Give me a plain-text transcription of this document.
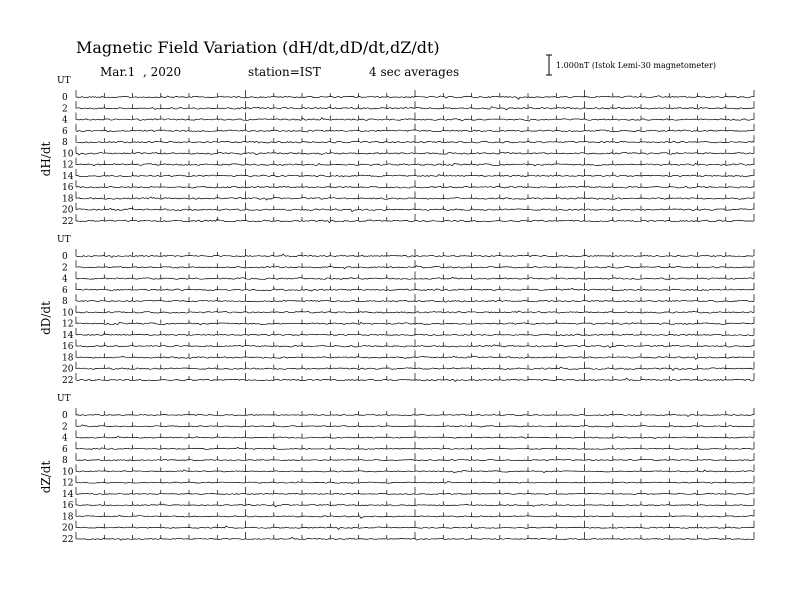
Magnetic Field Variation (dH/dt,dD/dt,dZ/dt)
Mar.1  , 2020	station=IST	4 sec averages	1.000nT (Istok Lemi-30 magnetometer)
UT
dH/dt
0
2
4
6
8
10
12
14
16
18
20
22
UT
dD/dt
0
2
4
6
8
10
12
14
16
18
20
22
UT
dZ/dt
0
2
4
6
8
10
12
14
16
18
20
22
